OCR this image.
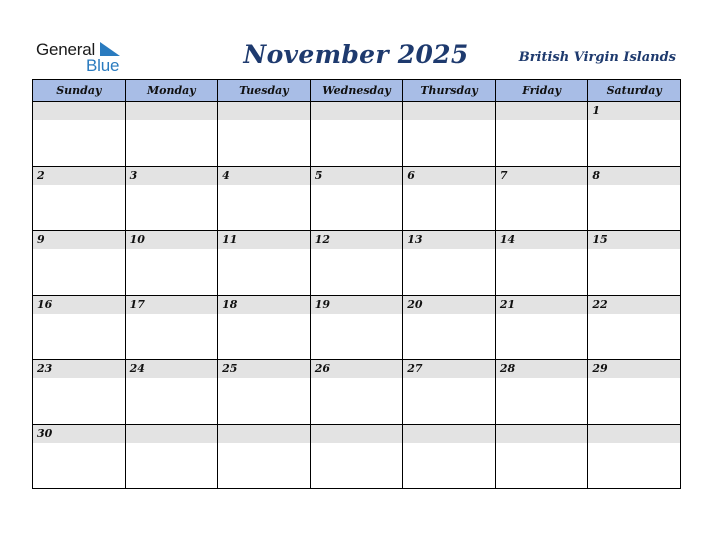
General
Blue	November 2025	British Virgin Islands
Sunday	Monday	Tuesday	Wednesday	Thursday	Friday	Saturday

						1

2	3	4	5	6	7	8

9	10	11	12	13	14	15

16	17	18	19	20	21	22

23	24	25	26	27	28	29

30						
